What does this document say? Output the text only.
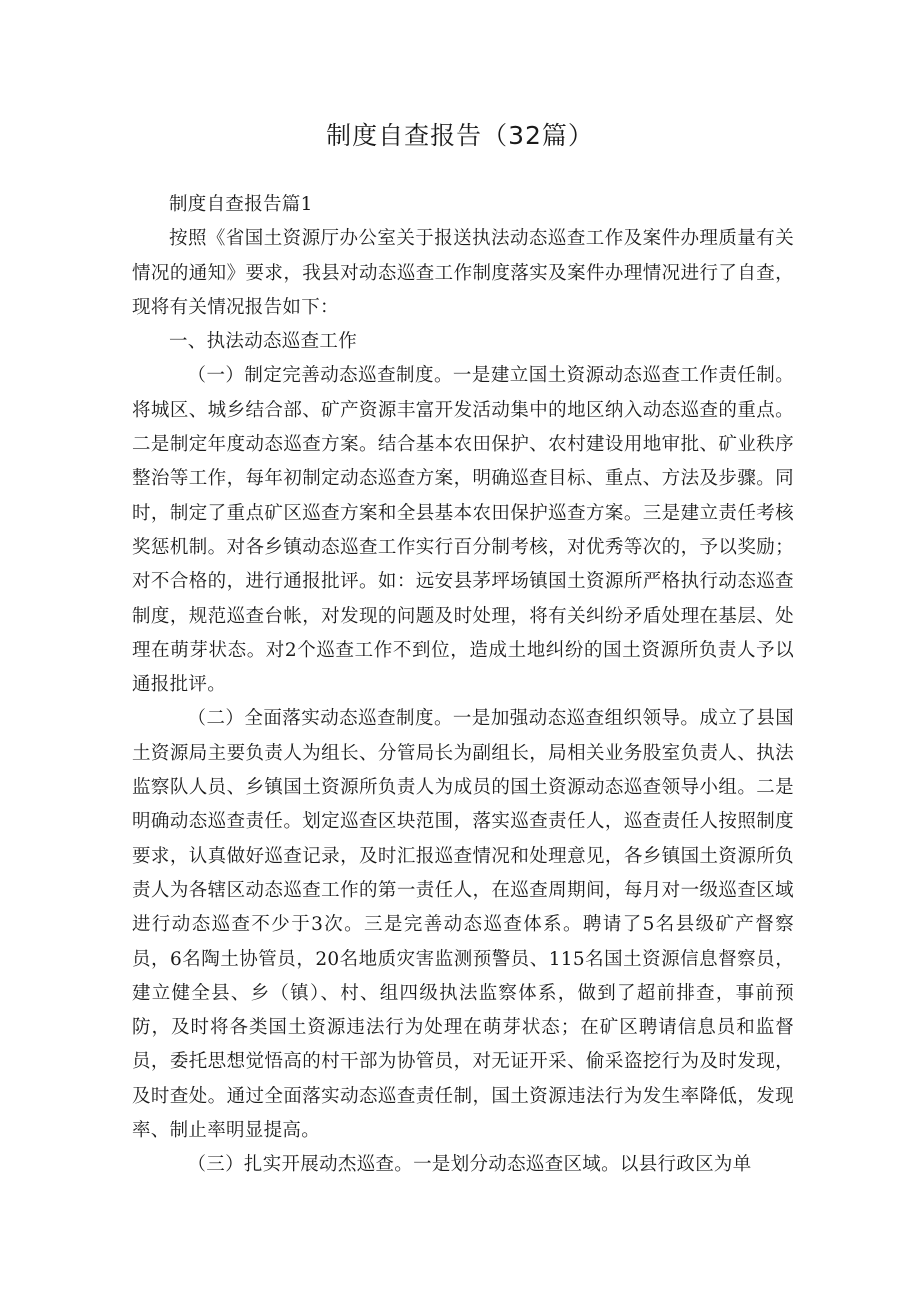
制度自查报告（32篇）

制度自查报告篇1

按照《省国土资源厅办公室关于报送执法动态巡查工作及案件办理质量有关情况的通知》要求，我县对动态巡查工作制度落实及案件办理情况进行了自查，现将有关情况报告如下：

一、执法动态巡查工作

（一）制定完善动态巡查制度。一是建立国土资源动态巡查工作责任制。将城区、城乡结合部、矿产资源丰富开发活动集中的地区纳入动态巡查的重点。二是制定年度动态巡查方案。结合基本农田保护、农村建设用地审批、矿业秩序整治等工作，每年初制定动态巡查方案，明确巡查目标、重点、方法及步骤。同时，制定了重点矿区巡查方案和全县基本农田保护巡查方案。三是建立责任考核奖惩机制。对各乡镇动态巡查工作实行百分制考核，对优秀等次的，予以奖励；对不合格的，进行通报批评。如：远安县茅坪场镇国土资源所严格执行动态巡查制度，规范巡查台帐，对发现的问题及时处理，将有关纠纷矛盾处理在基层、处理在萌芽状态。对2个巡查工作不到位，造成土地纠纷的国土资源所负责人予以通报批评。

（二）全面落实动态巡查制度。一是加强动态巡查组织领导。成立了县国土资源局主要负责人为组长、分管局长为副组长，局相关业务股室负责人、执法监察队人员、乡镇国土资源所负责人为成员的国土资源动态巡查领导小组。二是明确动态巡查责任。划定巡查区块范围，落实巡查责任人，巡查责任人按照制度要求，认真做好巡查记录，及时汇报巡查情况和处理意见，各乡镇国土资源所负责人为各辖区动态巡查工作的第一责任人，在巡查周期间，每月对一级巡查区域进行动态巡查不少于3次。三是完善动态巡查体系。聘请了5名县级矿产督察员，6名陶土协管员，20名地质灾害监测预警员、115名国土资源信息督察员，建立健全县、乡（镇）、村、组四级执法监察体系，做到了超前排查，事前预防，及时将各类国土资源违法行为处理在萌芽状态；在矿区聘请信息员和监督员，委托思想觉悟高的村干部为协管员，对无证开采、偷采盗挖行为及时发现，及时查处。通过全面落实动态巡查责任制，国土资源违法行为发生率降低，发现率、制止率明显提高。

（三）扎实开展动杰巡查。一是划分动态巡查区域。以县行政区为单
